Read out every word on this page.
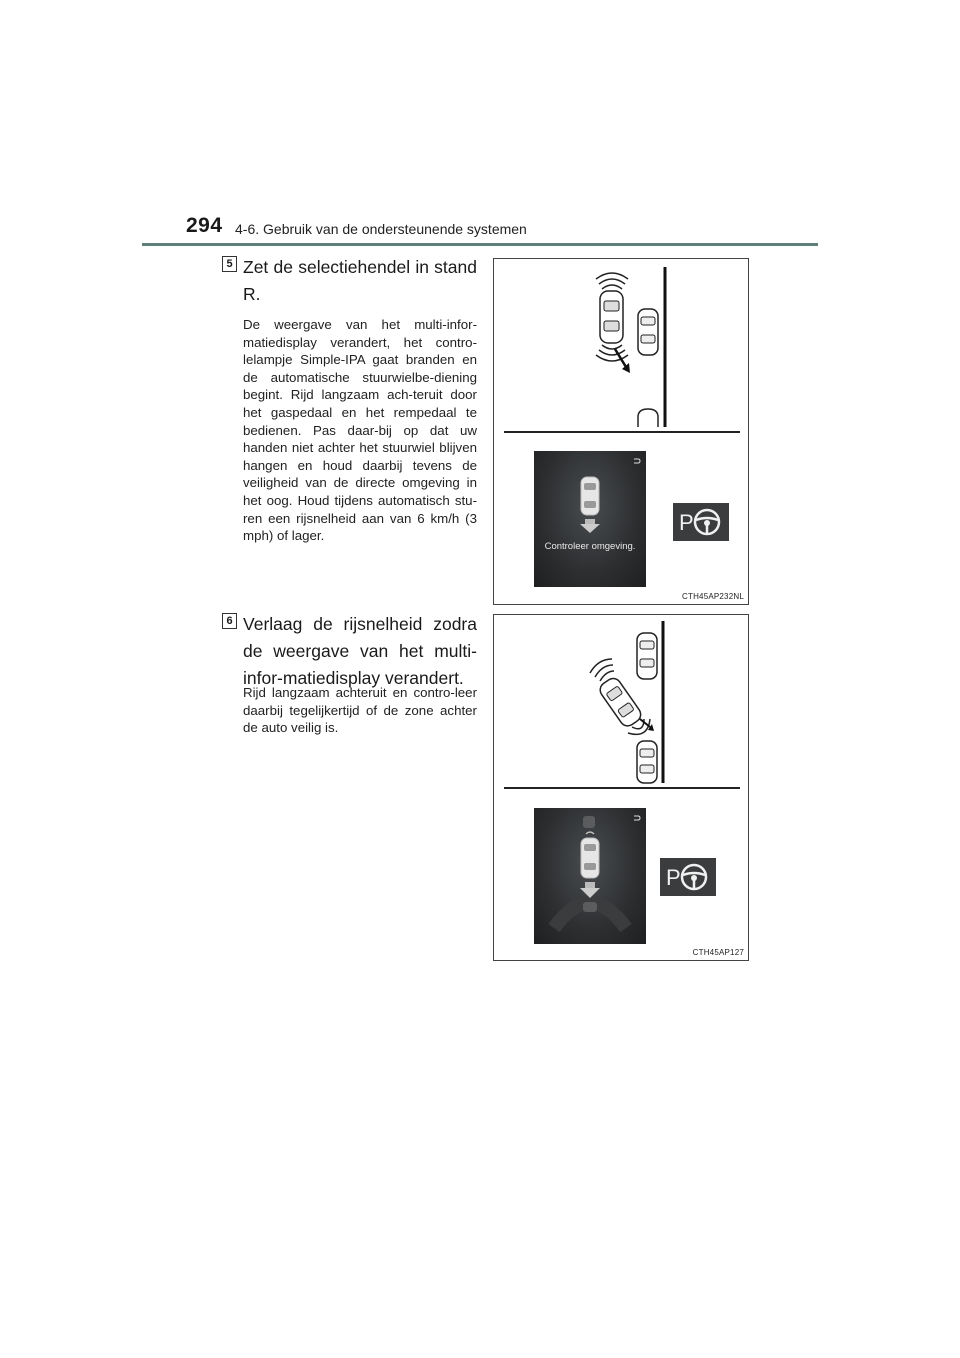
294 4-6. Gebruik van de ondersteunende systemen
5 Zet de selectiehendel in stand R.
De weergave van het multi-infor-matiedisplay verandert, het contro-lelampje Simple-IPA gaat branden en de automatische stuurwielbe-diening begint. Rijd langzaam ach-teruit door het gaspedaal en het rempedaal te bedienen. Pas daar-bij op dat uw handen niet achter het stuurwiel blijven hangen en houd daarbij tevens de veiligheid van de directe omgeving in het oog. Houd tijdens automatisch stu-ren een rijsnelheid aan van 6 km/h (3 mph) of lager.
Controleer omgeving.
P
CTH45AP232NL
6 Verlaag de rijsnelheid zodra de weergave van het multi-infor-matiedisplay verandert.
Rijd langzaam achteruit en contro-leer daarbij tegelijkertijd of de zone achter de auto veilig is.
P
CTH45AP127
